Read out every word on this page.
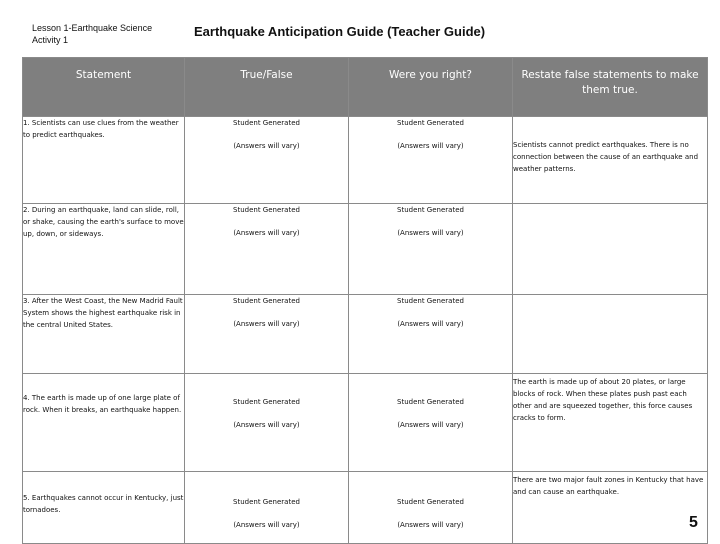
Lesson 1-Earthquake Science
Activity 1
Earthquake Anticipation Guide (Teacher Guide)
Statement	True/False	Were you right?	Restate false statements to make them true.
1. Scientists can use clues from the weather to predict earthquakes.	Student Generated
(Answers will vary)	Student Generated
(Answers will vary)	Scientists cannot predict earthquakes. There is no connection between the cause of an earthquake and weather patterns.
2. During an earthquake, land can slide, roll, or shake, causing the earth's surface to move up, down, or sideways.	Student Generated
(Answers will vary)	Student Generated
(Answers will vary)	

3. After the West Coast, the New Madrid Fault System shows the highest earthquake risk in the central United States.	Student Generated
(Answers will vary)	Student Generated
(Answers will vary)	

4. The earth is made up of one large plate of rock. When it breaks, an earthquake happen.	Student Generated
(Answers will vary)	Student Generated
(Answers will vary)	The earth is made up of about 20 plates, or large blocks of rock. When these plates push past each other and are squeezed together, this force causes cracks to form.
5. Earthquakes cannot occur in Kentucky, just tornadoes.	Student Generated
(Answers will vary)	Student Generated
(Answers will vary)	There are two major fault zones in Kentucky that have and can cause an earthquake.
5
